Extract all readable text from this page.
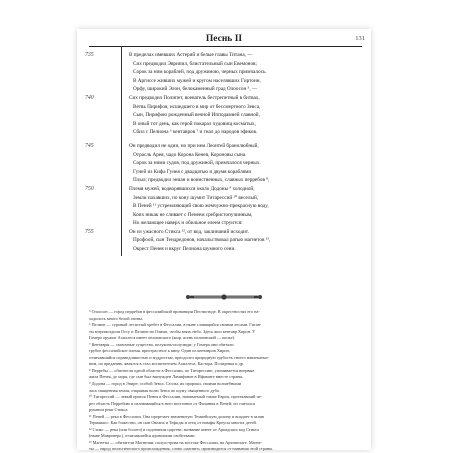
Песнь II	131
735	В пределах имевших Астерий и белые главы Титана, —
Сих предводил Эврипил, блистательный сын Евемонов;
Сорок за ним кораблей, под дружиною, черных примчалось.
В Аргиссе живших мужей и кругом населявших Гиртонн,
Орфу, широкий Элон, белокаменный град Олоосон ⁵, —
740	Сих предводил Полипет, воеватель бестрепетный в битвах,
Ветвь Пирифоя, исшедшего в мир от бессмертного Зевса,
Сын, Пирифою рожденный вечной Ипподамией славной,
В оный тот день, как герой покарал чудовищ косматых,
Сбил с Пелиона ⁶ кентавров ⁷ и гнал до народов эфиков.
745	Он предводил не один, но при нем Леонтей бранолюбный,
Отрасль Арея, чадо Корона Кенея, Короновы сына.
Сорок за ними судов, под дружиной, примчалося черных.
Гуней из Кифа Гунея с двадцатью и двумя кораблями
Плыл; предводил эниан и воинственных, славных перребов ⁸,
750	Племя мужей, водворявшихся около Додоны ⁹ холодной,
Земли пахавших, по кону шумит Титарессий ¹⁰ веселый,
В Пеней ¹¹ устремляющий свою жемчужно-прекрасную воду,
Коих никак не сливает с Пенеем сребристопучинным,
Но желающее наверх и обильное елеем струится:
755	Он из ужасного Стикса ¹², от вод, заклинаний исходит.
Профоой, сын Тендредонов, начальствовал ратью магнетов ¹³,
Окрест Пенея и вкруг Пелиона шумного сени.
⁵ Олоосон — город перребов в фессалийской провинции Пестиотиде. В окрестностях его на-
ходилось много белой глины.
⁶ Пелион — суровый лесистый хребет в Фессалии, в ныне славящийся своими лесами. Гиган-
ты взгромоздили Оссу и Пелион на Олимп, чтобы взять небо. Здесь жил кентавр Хирон. У
Гомера оружие Ахиллеса имеет пелионского (жир. ясень пелионский — копье).
⁷ Кентавры — сказочные существа, полуконь-полулюди; у Гомера они обитали
грубое фессалийское племя, пристрастное к вину. Один из кентавров Хирон,
отличавшийся справедливостью и мудростью, преодолел природную грубость своего навлекаемо-
ним, по преданию, являлся в стал воспитателем Ахиллеса, Кастора, Полидевка и др.
⁸ Перребы — обитатели одной области в Фессалии, по Титарессию; упоминается впервые
жила Пенея, до моря, где сын был вынужден Ламифанон в Ифимите вместе страны.
⁹ Додона — город в Эпире; особой Зевса. Селлы, их пророки, своими волшебными
лась священная земля, открывая волю Зевса по шуму священного дуба.
¹⁰ Титарессий — левый приток Пенея в Фессалии, называемый также Европ, протекавший че-
рез область Перребию и изливавшийся в него восточное от Фаланны в Пеней; он считался
рукавом реки Стикса.
¹¹ Пеней — река в Фессалии. Она прорезает знаменитую Темпейскую долину и впадает в залив
Термаикос. Как божество, он сын Океана и Тефиды и отец от нимфы Креусы многих детей.
¹² Стикс — река (или болото) в подземном царстве; название имеет от Аркадских вод Стикса
(ныне Мавронеро), отличавшейся ядовитыми свойствами.
¹³ Магнеты — обитатели Магнезии, полуострова на востоке Фессалии, на Архипелаге. Магне-
ты — народ пеласгического происхождения; слово «магнит» производится от названия этой страны.
